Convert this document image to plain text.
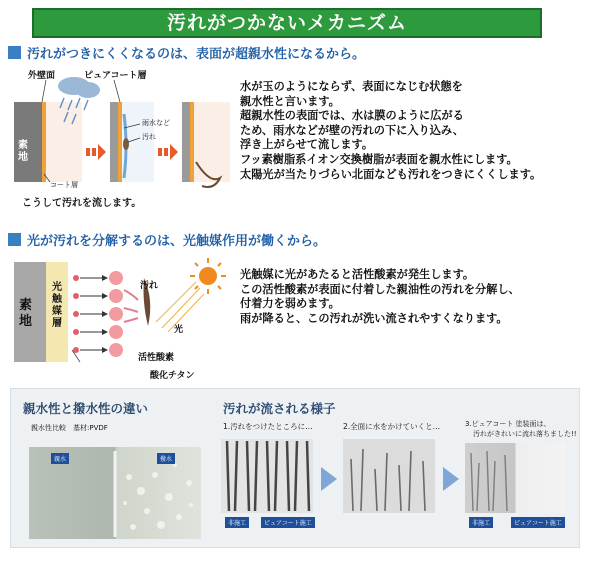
汚れがつかないメカニズム
汚れがつきにくくなるのは、表面が超親水性になるから。
外壁面	ピュアコート層
素地
雨水など
汚れ
コート層
こうして汚れを流します。
水が玉のようにならず、表面になじむ状態を
親水性と言います。
超親水性の表面では、水は膜のように広がる
ため、雨水などが壁の汚れの下に入り込み、
浮き上がらせて流します。
フッ素樹脂系イオン交換樹脂が表面を親水性にします。
太陽光が当たりづらい北面なども汚れをつきにくくします。
光が汚れを分解するのは、光触媒作用が働くから。
素地
光触媒層
汚れ
光
活性酸素
酸化チタン
光触媒に光があたると活性酸素が発生します。
この活性酸素が表面に付着した親油性の汚れを分解し、
付着力を弱めます。
雨が降ると、この汚れが洗い流されやすくなります。
親水性と撥水性の違い
親水性比較　基材:PVDF
親水	撥水
汚れが流される様子
1.汚れをつけたところに…	2.全面に水をかけていくと…	3.ピュアコート 塗装面は、
汚れがきれいに流れ落ちました!!
非施工	ピュアコート施工	非施工	ピュアコート施工
